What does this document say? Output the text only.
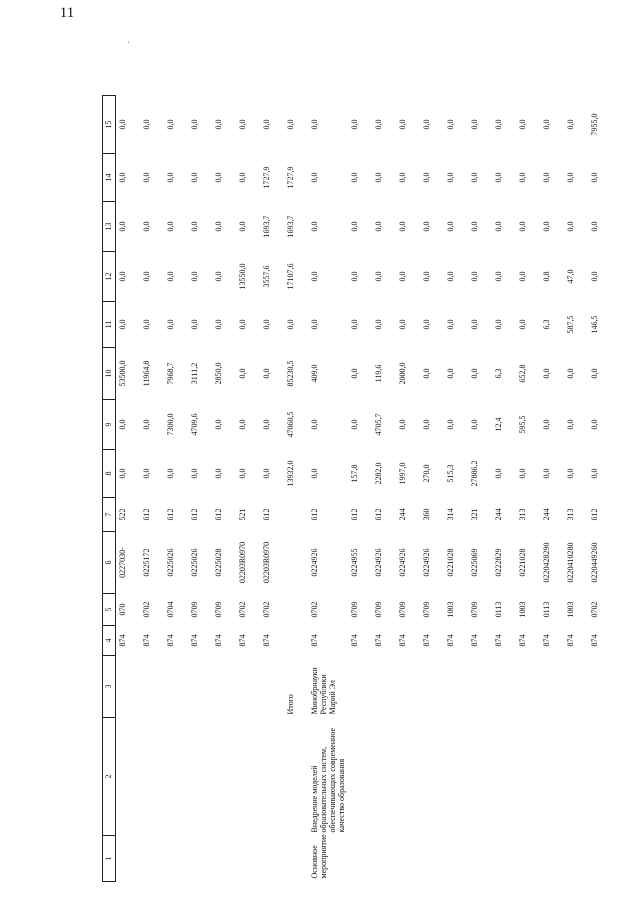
11
'
1	2	3	4	5	6	7	8	9	10	11	12	13	14	15
			874	070	0227030-	522	0,0	0,0	53500,0	0,0	0,0	0,0	0,0	0,0
			874	0702	0225172	612	0,0	0,0	11964,8	0,0	0,0	0,0	0,0	0,0
			874	0704	0225026	612	0,0	7300,0	7968,7	0,0	0,0	0,0	0,0	0,0
			874	0709	0225026	612	0,0	4709,6	3111,2	0,0	0,0	0,0	0,0	0,0
			874	0709	0225028	612	0,0	0,0	2850,0	0,0	0,0	0,0	0,0	0,0
			874	0702	02203R0970	521	0,0	0,0	0,0	0,0	13550,0	0,0	0,0	0,0
			874	0702	02203R0970	612	0,0	0,0	0,0	0,0	3557,6	1693,7	1727,9	0,0
		Итого					13932,0	47060,5	85230,5	0,0	17107,6	1693,7	1727,9	0,0
Основное мероприятие	Внедрение моделей образовательных систем, обеспечивающих современное качество образования	Минобрнауки Республики Марий Эл	874	0702	0224926	612	0,0	0,0	409,0	0,0	0,0	0,0	0,0	0,0
			874	0709	0224955	612	157,8	0,0	0,0	0,0	0,0	0,0	0,0	0,0
			874	0709	0224926	612	2282,0	4705,7	119,6	0,0	0,0	0,0	0,0	0,0
			874	0709	0224926	244	1997,0	0,0	2000,0	0,0	0,0	0,0	0,0	0,0
			874	0709	0224926	360	270,0	0,0	0,0	0,0	0,0	0,0	0,0	0,0
			874	1003	0221028	314	515,3	0,0	0,0	0,0	0,0	0,0	0,0	0,0
			874	0709	0225069	321	27886,2	0,0	0,0	0,0	0,0	0,0	0,0	0,0
			874	0113	0222829	244	0,0	12,4	6,3	0,0	0,0	0,0	0,0	0,0
			874	1003	0221028	313	0,0	595,5	652,8	0,0	0,0	0,0	0,0	0,0
			874	0113	0220428290	244	0,0	0,0	0,0	6,3	0,8	0,0	0,0	0,0
			874	1003	0220410280	313	0,0	0,0	0,0	587,5	47,0	0,0	0,0	0,0
			874	0702	0220449260	612	0,0	0,0	0,0	146,5	0,0	0,0	0,0	7955,0
